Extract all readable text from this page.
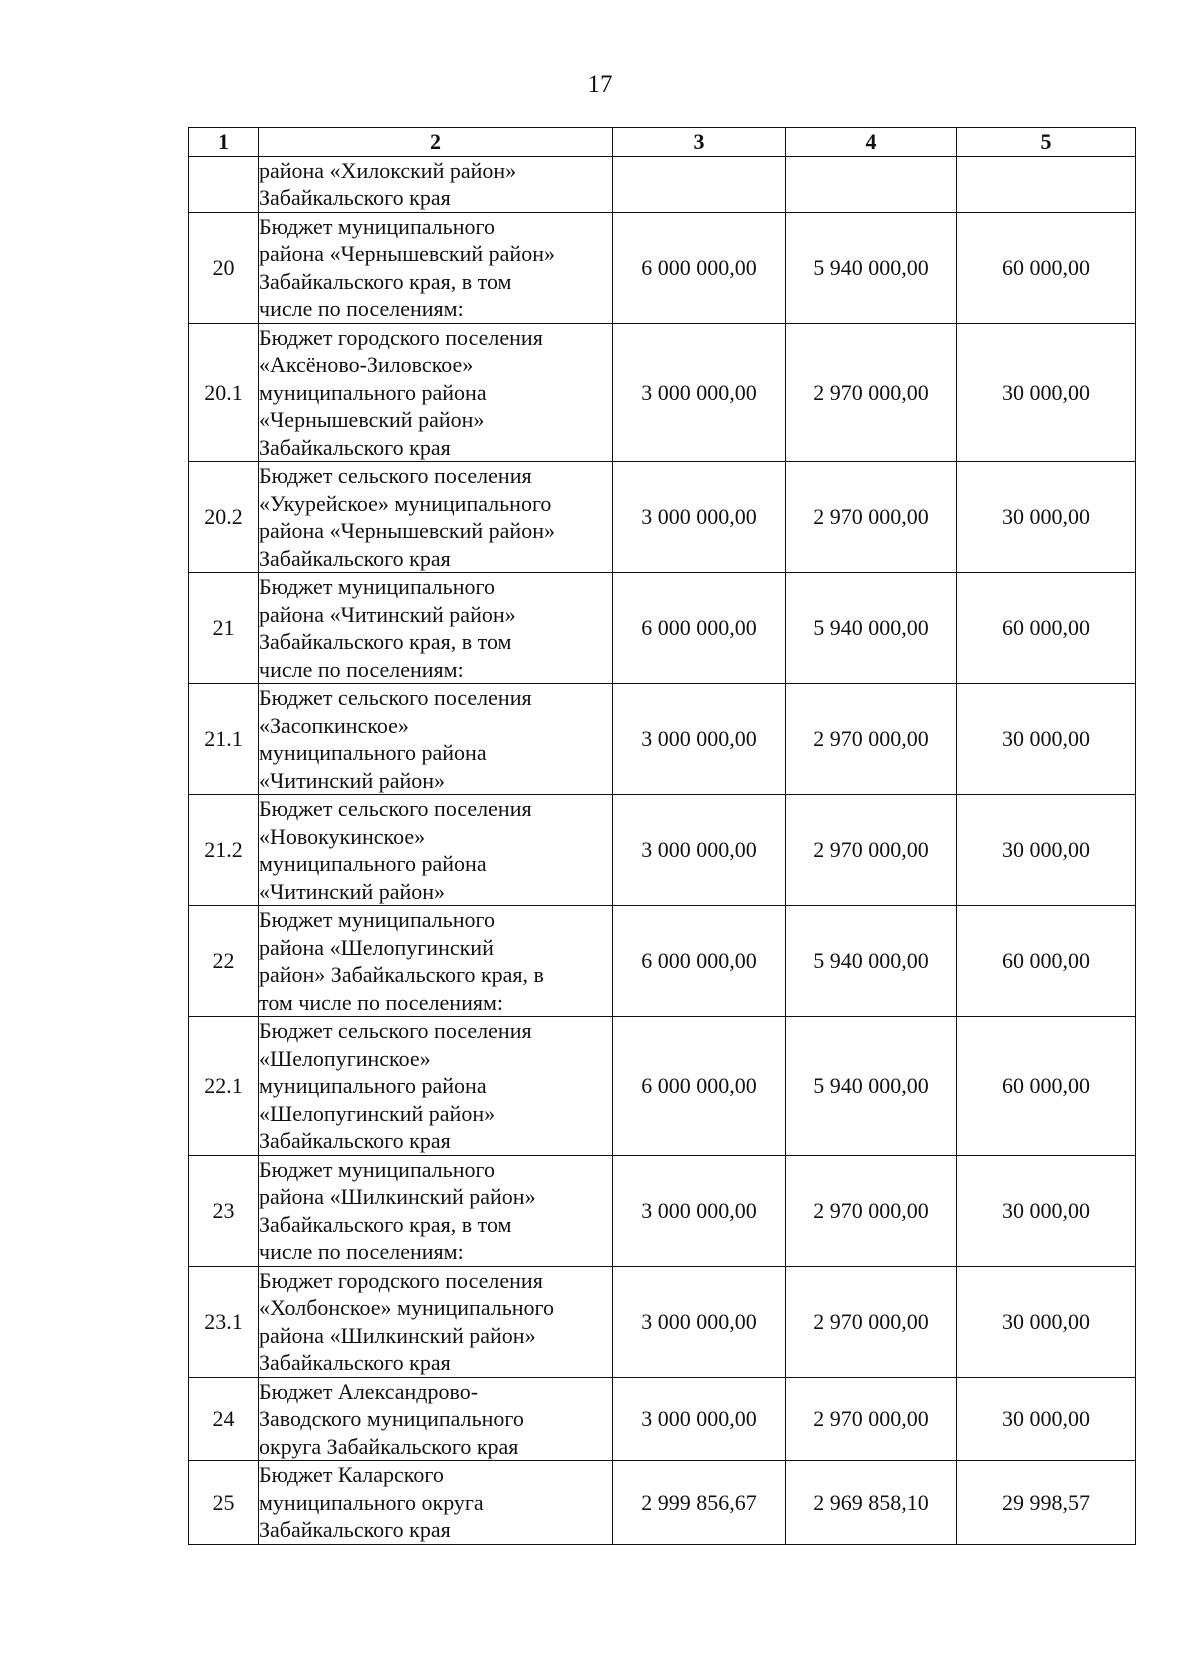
17
1	2	3	4	5
	района «Хилокский район»
Забайкальского края			
20	Бюджет муниципального
района «Чернышевский район»
Забайкальского края, в том
числе по поселениям:	6 000 000,00	5 940 000,00	60 000,00
20.1	Бюджет городского поселения
«Аксёново-Зиловское»
муниципального района
«Чернышевский район»
Забайкальского края	3 000 000,00	2 970 000,00	30 000,00
20.2	Бюджет сельского поселения
«Укурейское» муниципального
района «Чернышевский район»
Забайкальского края	3 000 000,00	2 970 000,00	30 000,00
21	Бюджет муниципального
района «Читинский район»
Забайкальского края, в том
числе по поселениям:	6 000 000,00	5 940 000,00	60 000,00
21.1	Бюджет сельского поселения
«Засопкинское»
муниципального района
«Читинский район»	3 000 000,00	2 970 000,00	30 000,00
21.2	Бюджет сельского поселения
«Новокукинское»
муниципального района
«Читинский район»	3 000 000,00	2 970 000,00	30 000,00
22	Бюджет муниципального
района «Шелопугинский
район» Забайкальского края, в
том числе по поселениям:	6 000 000,00	5 940 000,00	60 000,00
22.1	Бюджет сельского поселения
«Шелопугинское»
муниципального района
«Шелопугинский район»
Забайкальского края	6 000 000,00	5 940 000,00	60 000,00
23	Бюджет муниципального
района «Шилкинский район»
Забайкальского края, в том
числе по поселениям:	3 000 000,00	2 970 000,00	30 000,00
23.1	Бюджет городского поселения
«Холбонское» муниципального
района «Шилкинский район»
Забайкальского края	3 000 000,00	2 970 000,00	30 000,00
24	Бюджет Александрово-
Заводского муниципального
округа Забайкальского края	3 000 000,00	2 970 000,00	30 000,00
25	Бюджет Каларского
муниципального округа
Забайкальского края	2 999 856,67	2 969 858,10	29 998,57
